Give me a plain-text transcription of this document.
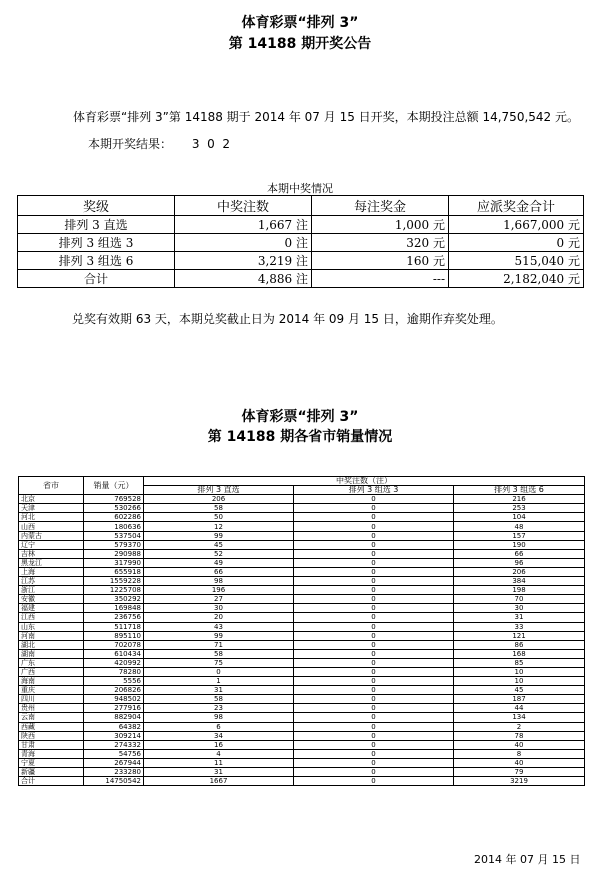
体育彩票“排列 3”
第 14188 期开奖公告
体育彩票“排列 3”第 14188 期于 2014 年 07 月 15 日开奖，本期投注总额 14,750,542 元。
本期开奖结果： 3  0  2
本期中奖情况
奖级	中奖注数	每注奖金	应派奖金合计
排列 3 直选	1,667 注	1,000 元	1,667,000 元
排列 3 组选 3	0 注	320 元	0 元
排列 3 组选 6	3,219 注	160 元	515,040 元
合计	4,886 注	---	2,182,040 元
兑奖有效期 63 天，本期兑奖截止日为 2014 年 09 月 15 日，逾期作弃奖处理。
体育彩票“排列 3”
第 14188 期各省市销量情况
省市	销量（元）	中奖注数（注）		
		排列 3 直选	排列 3 组选 3	排列 3 组选 6
北京	769528	206	0	216
天津	530266	58	0	253
河北	602286	50	0	104
山西	180636	12	0	48
内蒙古	537504	99	0	157
辽宁	579370	45	0	190
吉林	290988	52	0	66
黑龙江	317990	49	0	96
上海	655918	66	0	206
江苏	1559228	98	0	384
浙江	1225708	196	0	198
安徽	350292	27	0	70
福建	169848	30	0	30
江西	236756	20	0	31
山东	511718	43	0	33
河南	895110	99	0	121
湖北	702078	71	0	86
湖南	610434	58	0	168
广东	420992	75	0	85
广西	78280	0	0	10
海南	5556	1	0	10
重庆	206826	31	0	45
四川	948502	58	0	187
贵州	277916	23	0	44
云南	882904	98	0	134
西藏	64382	6	0	2
陕西	309214	34	0	78
甘肃	274332	16	0	40
青海	54756	4	0	8
宁夏	267944	11	0	40
新疆	233280	31	0	79
合计	14750542	1667	0	3219
2014 年 07 月 15 日
